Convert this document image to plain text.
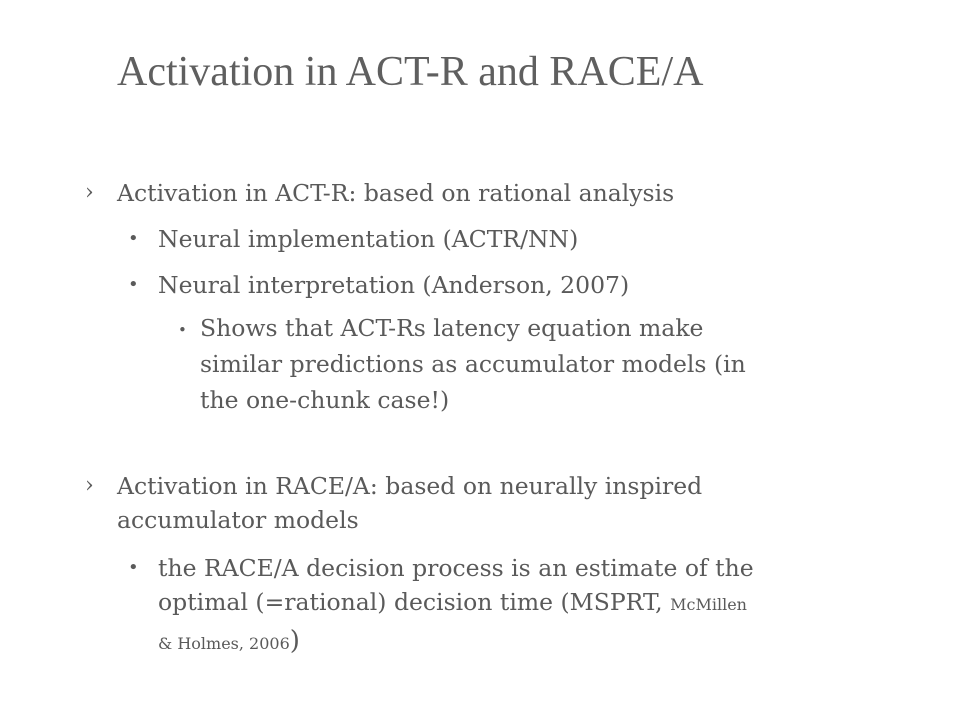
Activation in ACT-R and RACE/A
› Activation in ACT-R: based on rational analysis
• Neural implementation (ACTR/NN)
• Neural interpretation (Anderson, 2007)
• Shows that ACT-Rs latency equation make
similar predictions as accumulator models (in
the one-chunk case!)
› Activation in RACE/A: based on neurally inspired
accumulator models
• the RACE/A decision process is an estimate of the
optimal (=rational) decision time (MSPRT, McMillen
& Holmes, 2006)
